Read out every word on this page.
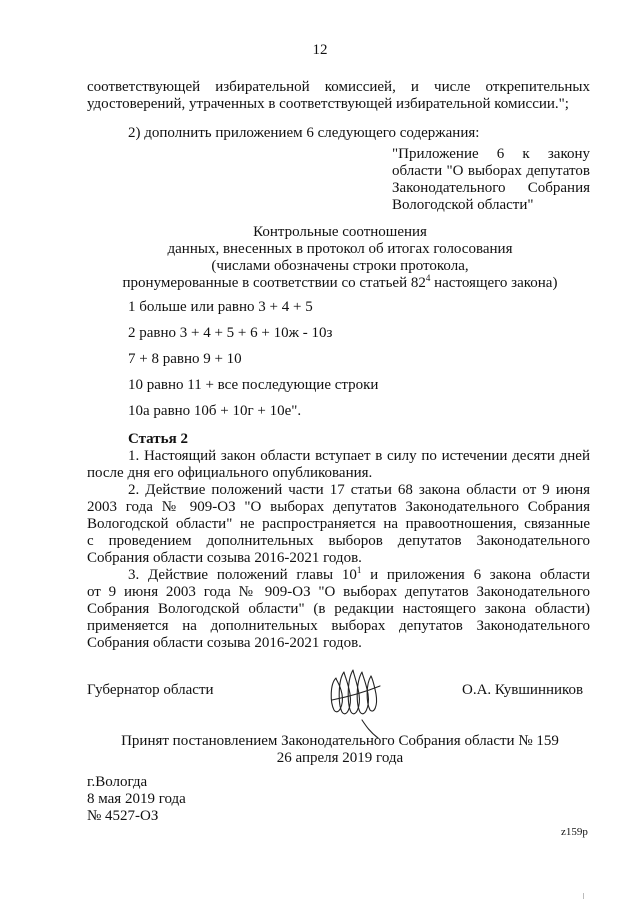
12
соответствующей избирательной комиссией, и числе открепительных
удостоверений, утраченных в соответствующей избирательной комиссии.";
2) дополнить приложением 6 следующего содержания:
"Приложение 6 к закону
области "О выборах депутатов
Законодательного Собрания
Вологодской области"
Контрольные соотношения
данных, внесенных в протокол об итогах голосования
(числами обозначены строки протокола,
пронумерованные в соответствии со статьей $82^4$ настоящего закона)
1 больше или равно 3 + 4 + 5
2 равно 3 + 4 + 5 + 6 + 10ж - 10з
7 + 8 равно 9 + 10
10 равно 11 + все последующие строки
10а равно 10б + 10г + 10е".
Статья 2
1. Настоящий закон области вступает в силу по истечении десяти дней
после дня его официального опубликования.
2. Действие положений части 17 статьи 68 закона области от 9 июня
2003 года № 909-ОЗ "О выборах депутатов Законодательного Собрания
Вологодской области" не распространяется на правоотношения, связанные
с проведением дополнительных выборов депутатов Законодательного
Собрания области созыва 2016-2021 годов.
3. Действие положений главы $10^1$ и приложения 6 закона области
от 9 июня 2003 года № 909-ОЗ "О выборах депутатов Законодательного
Собрания Вологодской области" (в редакции настоящего закона области)
применяется на дополнительных выборах депутатов Законодательного
Собрания области созыва 2016-2021 годов.
Губернатор области	О.А. Кувшинников
Принят постановлением Законодательного Собрания области № 159
26 апреля 2019 года
г.Вологда
8 мая 2019 года
№ 4527-ОЗ
z159p
